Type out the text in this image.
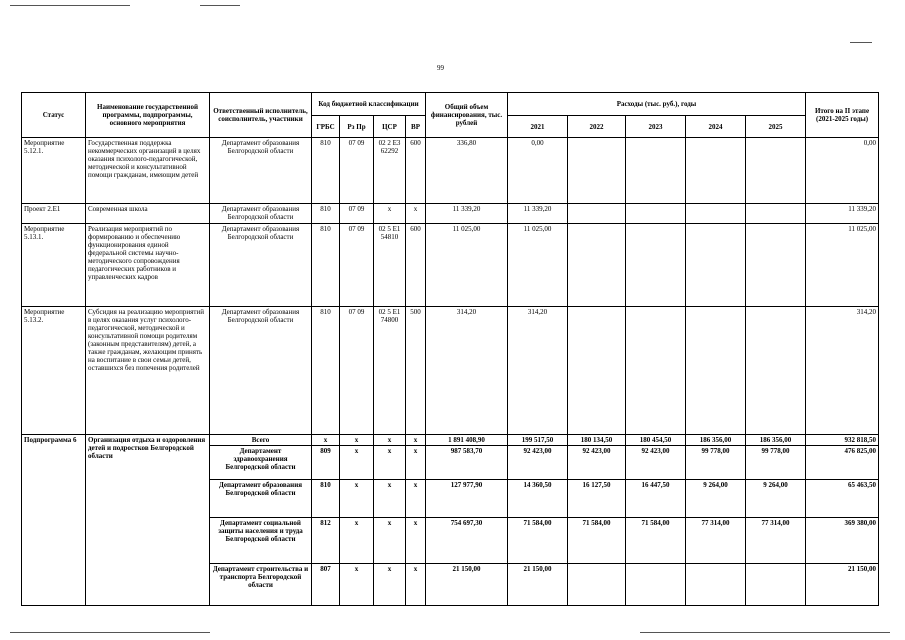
99
Статус	Наименование государственной программы, подпрограммы, основного мероприятия	Ответственный исполнитель, соисполнитель, участники	Код бюджетной классификации				Общий объем финансирования, тыс. рублей	Расходы (тыс. руб.), годы					Итого на II этапе (2021-2025 годы)
			ГРБС	Рз Пр	ЦСР	ВР		2021	2022	2023	2024	2025	
Мероприятие 5.12.1.	Государственная поддержка некоммерческих организаций в целях оказания психолого-педагогической, методической и консультативной помощи гражданам, имеющим детей	Департамент образования Белгородской области	810	07 09	02 2 Е3 62292	600	336,80	0,00					0,00
Проект 2.Е1	Современная школа	Департамент образования Белгородской области	810	07 09	х	х	11 339,20	11 339,20					11 339,20
Мероприятие 5.13.1.	Реализация мероприятий по формированию и обеспечению функционирования единой федеральной системы научно-методического сопровождения педагогических работников и управленческих кадров	Департамент образования Белгородской области	810	07 09	02 5 Е1 54810	600	11 025,00	11 025,00					11 025,00
Мероприятие 5.13.2.	Субсидия на реализацию мероприятий в целях оказания услуг психолого-педагогической, методической и консультативной помощи родителям (законным представителям) детей, а также гражданам, желающим принять на воспитание в свои семьи детей, оставшихся без попечения родителей	Департамент образования Белгородской области	810	07 09	02 5 Е1 74800	500	314,20	314,20					314,20
Подпрограмма 6	Организация отдыха и оздоровления детей и подростков Белгородской области	Всего	х	х	х	х	1 891 408,90	199 517,50	180 134,50	180 454,50	186 356,00	186 356,00	932 818,50
		Департамент здравоохранения Белгородской области	809	х	х	х	987 583,70	92 423,00	92 423,00	92 423,00	99 778,00	99 778,00	476 825,00
		Департамент образования Белгородской области	810	х	х	х	127 977,90	14 360,50	16 127,50	16 447,50	9 264,00	9 264,00	65 463,50
		Департамент социальной защиты населения и труда Белгородской области	812	х	х	х	754 697,30	71 584,00	71 584,00	71 584,00	77 314,00	77 314,00	369 380,00
		Департамент строительства и транспорта Белгородской области	807	х	х	х	21 150,00	21 150,00					21 150,00
